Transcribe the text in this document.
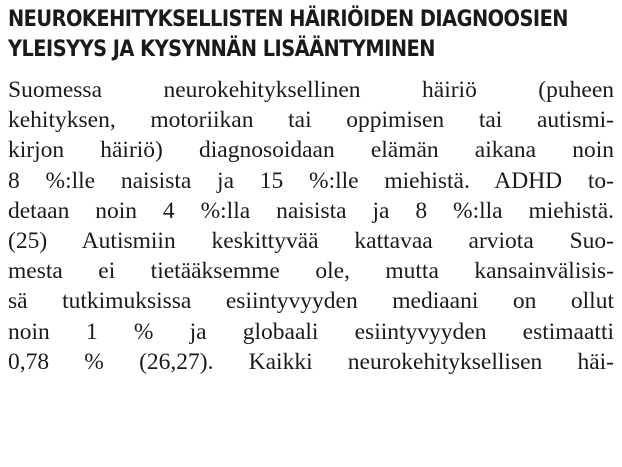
NEUROKEHITYKSELLISTEN HÄIRIÖIDEN DIAGNOOSIEN
YLEISYYS JA KYSYNNÄN LISÄÄNTYMINEN
Suomessa neurokehityksellinen häiriö (puheen
kehityksen, motoriikan tai oppimisen tai autismi-
kirjon häiriö) diagnosoidaan elämän aikana noin
8 %:lle naisista ja 15 %:lle miehistä. ADHD to-
detaan noin 4 %:lla naisista ja 8 %:lla miehistä.
(25) Autismiin keskittyvää kattavaa arviota Suo-
mesta ei tietääksemme ole, mutta kansainvälisis-
sä tutkimuksissa esiintyvyyden mediaani on ollut
noin 1 % ja globaali esiintyvyyden estimaatti
0,78 % (26,27). Kaikki neurokehityksellisen häi-
